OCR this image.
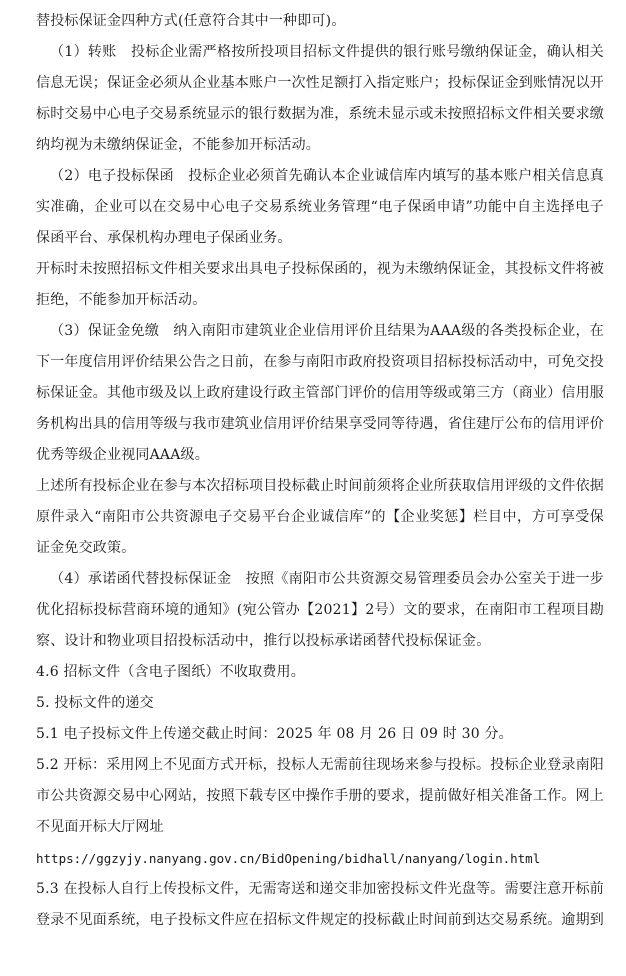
替投标保证金四种方式(任意符合其中一种即可)。

（1）转账　投标企业需严格按所投项目招标文件提供的银行账号缴纳保证金，确认相关信息无误；保证金必须从企业基本账户一次性足额打入指定账户；投标保证金到账情况以开标时交易中心电子交易系统显示的银行数据为准，系统未显示或未按照招标文件相关要求缴纳均视为未缴纳保证金，不能参加开标活动。

（2）电子投标保函　投标企业必须首先确认本企业诚信库内填写的基本账户相关信息真实准确，企业可以在交易中心电子交易系统业务管理“电子保函申请”功能中自主选择电子保函平台、承保机构办理电子保函业务。

开标时未按照招标文件相关要求出具电子投标保函的，视为未缴纳保证金，其投标文件将被拒绝，不能参加开标活动。

（3）保证金免缴　纳入南阳市建筑业企业信用评价且结果为AAA级的各类投标企业，在下一年度信用评价结果公告之日前，在参与南阳市政府投资项目招标投标活动中，可免交投标保证金。其他市级及以上政府建设行政主管部门评价的信用等级或第三方（商业）信用服务机构出具的信用等级与我市建筑业信用评价结果享受同等待遇，省住建厅公布的信用评价优秀等级企业视同AAA级。

上述所有投标企业在参与本次招标项目投标截止时间前须将企业所获取信用评级的文件依据原件录入“南阳市公共资源电子交易平台企业诚信库”的【企业奖惩】栏目中，方可享受保证金免交政策。

（4）承诺函代替投标保证金　按照《南阳市公共资源交易管理委员会办公室关于进一步优化招标投标营商环境的通知》(宛公管办【2021】2号）文的要求，在南阳市工程项目勘察、设计和物业项目招投标活动中，推行以投标承诺函替代投标保证金。

4.6 招标文件（含电子图纸）不收取费用。

5. 投标文件的递交

5.1 电子投标文件上传递交截止时间：2025 年 08 月 26 日 09 时 30 分。

5.2 开标：采用网上不见面方式开标，投标人无需前往现场来参与投标。投标企业登录南阳市公共资源交易中心网站，按照下载专区中操作手册的要求，提前做好相关准备工作。网上不见面开标大厅网址

https://ggzyjy.nanyang.gov.cn/BidOpening/bidhall/nanyang/login.html

5.3 在投标人自行上传投标文件，无需寄送和递交非加密投标文件光盘等。需要注意开标前登录不见面系统，电子投标文件应在招标文件规定的投标截止时间前到达交易系统。逾期到
